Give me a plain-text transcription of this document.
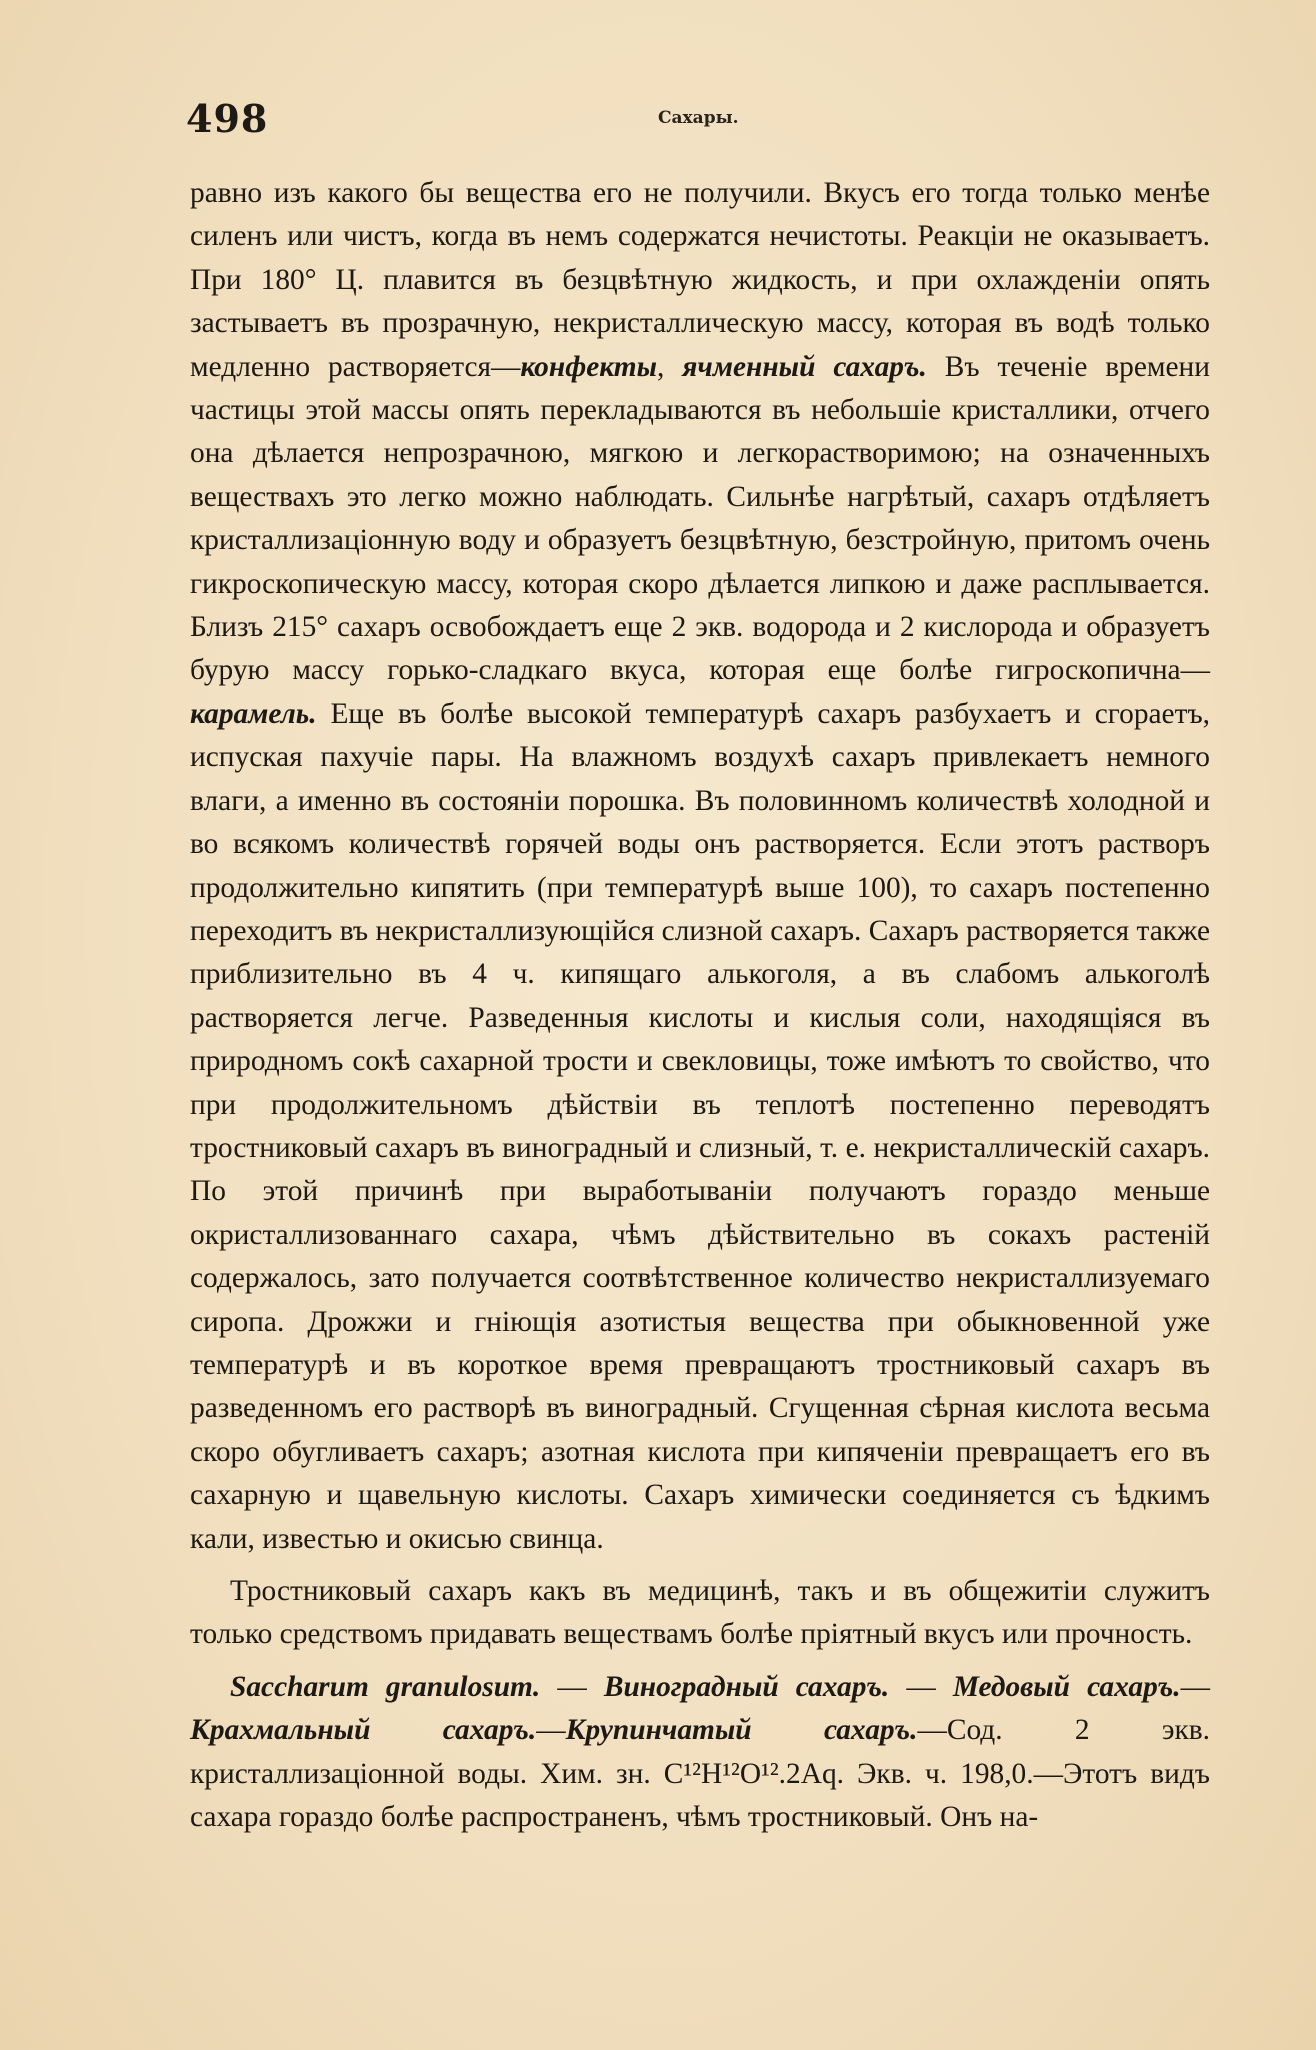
498	Сахары.

равно изъ какого бы вещества его не получили. Вкусъ его тогда только менѣе силенъ или чистъ, когда въ немъ содержатся нечистоты. Реакціи не оказываетъ. При 180° Ц. плавится въ безцвѣтную жидкость, и при охлажденіи опять застываетъ въ прозрачную, некристаллическую массу, которая въ водѣ только медленно растворяется—конфекты, ячменный сахаръ. Въ теченіе времени частицы этой массы опять перекладываются въ небольшіе кристаллики, отчего она дѣлается непрозрачною, мягкою и легкорастворимою; на означенныхъ веществахъ это легко можно наблюдать. Сильнѣе нагрѣтый, сахаръ отдѣляетъ кристаллизаціонную воду и образуетъ безцвѣтную, безстройную, притомъ очень гикроскопическую массу, которая скоро дѣлается липкою и даже расплывается. Близъ 215° сахаръ освобождаетъ еще 2 экв. водорода и 2 кислорода и образуетъ бурую массу горько-сладкаго вкуса, которая еще болѣе гигроскопична—карамель. Еще въ болѣе высокой температурѣ сахаръ разбухаетъ и сгораетъ, испуская пахучіе пары. На влажномъ воздухѣ сахаръ привлекаетъ немного влаги, а именно въ состояніи порошка. Въ половинномъ количествѣ холодной и во всякомъ количествѣ горячей воды онъ растворяется. Если этотъ растворъ продолжительно кипятить (при температурѣ выше 100), то сахаръ постепенно переходитъ въ некристаллизующійся слизной сахаръ. Сахаръ растворяется также приблизительно въ 4 ч. кипящаго алькоголя, а въ слабомъ алькоголѣ растворяется легче. Разведенныя кислоты и кислыя соли, находящіяся въ природномъ сокѣ сахарной трости и свекловицы, тоже имѣютъ то свойство, что при продолжительномъ дѣйствіи въ теплотѣ постепенно переводятъ тростниковый сахаръ въ виноградный и слизный, т. е. некристаллическій сахаръ. По этой причинѣ при выработываніи получаютъ гораздо меньше окристаллизованнаго сахара, чѣмъ дѣйствительно въ сокахъ растеній содержалось, зато получается соотвѣтственное количество некристаллизуемаго сиропа. Дрожжи и гніющія азотистыя вещества при обыкновенной уже температурѣ и въ короткое время превращаютъ тростниковый сахаръ въ разведенномъ его растворѣ въ виноградный. Сгущенная сѣрная кислота весьма скоро обугливаетъ сахаръ; азотная кислота при кипяченіи превращаетъ его въ сахарную и щавельную кислоты. Сахаръ химически соединяется съ ѣдкимъ кали, известью и окисью свинца.

Тростниковый сахаръ какъ въ медицинѣ, такъ и въ общежитіи служитъ только средствомъ придавать веществамъ болѣе пріятный вкусъ или прочность.

Saccharum granulosum. — Виноградный сахаръ. — Медовый сахаръ.—Крахмальный сахаръ.—Крупинчатый сахаръ.—Сод. 2 экв. кристаллизаціонной воды. Хим. зн. C¹²H¹²O¹².2Aq. Экв. ч. 198,0.—Этотъ видъ сахара гораздо болѣе распространенъ, чѣмъ тростниковый. Онъ на-
